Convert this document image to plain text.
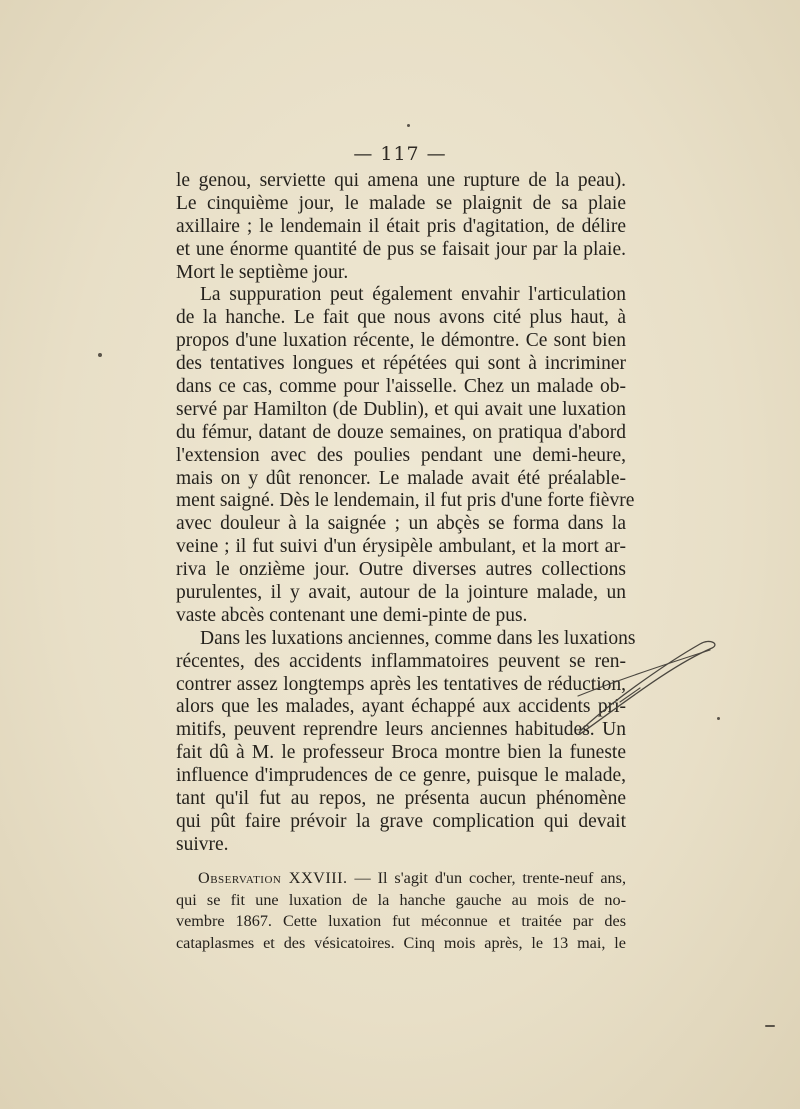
— 117 —
le genou, serviette qui amena une rupture de la peau).
Le cinquième jour, le malade se plaignit de sa plaie
axillaire ; le lendemain il était pris d'agitation, de délire
et une énorme quantité de pus se faisait jour par la plaie.
Mort le septième jour.
La suppuration peut également envahir l'articulation
de la hanche. Le fait que nous avons cité plus haut, à
propos d'une luxation récente, le démontre. Ce sont bien
des tentatives longues et répétées qui sont à incriminer
dans ce cas, comme pour l'aisselle. Chez un malade ob-
servé par Hamilton (de Dublin), et qui avait une luxation
du fémur, datant de douze semaines, on pratiqua d'abord
l'extension avec des poulies pendant une demi-heure,
mais on y dût renoncer. Le malade avait été préalable-
ment saigné. Dès le lendemain, il fut pris d'une forte fièvre
avec douleur à la saignée ; un abçès se forma dans la
veine ; il fut suivi d'un érysipèle ambulant, et la mort ar-
riva le onzième jour. Outre diverses autres collections
purulentes, il y avait, autour de la jointure malade, un
vaste abcès contenant une demi-pinte de pus.
Dans les luxations anciennes, comme dans les luxations
récentes, des accidents inflammatoires peuvent se ren-
contrer assez longtemps après les tentatives de réduction,
alors que les malades, ayant échappé aux accidents pri-
mitifs, peuvent reprendre leurs anciennes habitudes. Un
fait dû à M. le professeur Broca montre bien la funeste
influence d'imprudences de ce genre, puisque le malade,
tant qu'il fut au repos, ne présenta aucun phénomène
qui pût faire prévoir la grave complication qui devait
suivre.
Observation XXVIII. — Il s'agit d'un cocher, trente-neuf ans,
qui se fit une luxation de la hanche gauche au mois de no-
vembre 1867. Cette luxation fut méconnue et traitée par des
cataplasmes et des vésicatoires. Cinq mois après, le 13 mai, le
